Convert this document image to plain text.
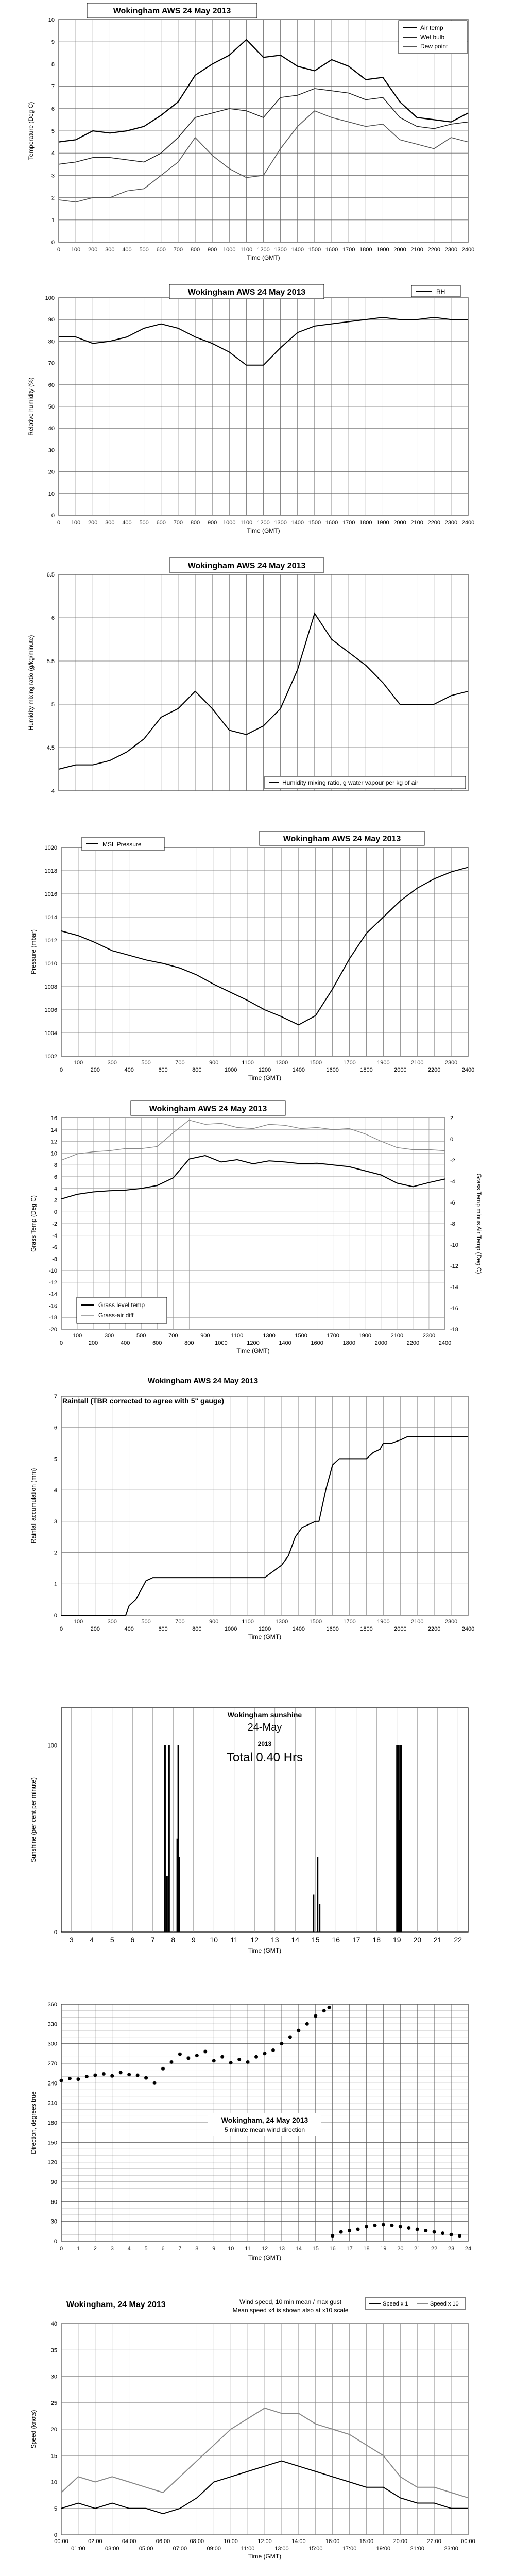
0
1
2
3
4
5
6
7
8
9
10
Temperature (Deg C)
0 100 200 300 400 500 600 700 800 900 1000 1100 1200 1300 1400 1500 1600 1700 1800 1900 2000 2100 2200 2300 2400
Time (GMT)
Wokingham AWS 24 May 2013
Air temp
Wet bulb
Dew point
0
10
20
30
40
50
60
70
80
90
100
Relative humidity (%)
0 100 200 300 400 500 600 700 800 900 1000 1100 1200 1300 1400 1500 1600 1700 1800 1900 2000 2100 2200 2300 2400
Time (GMT)
Wokingham AWS 24 May 2013	RH
4
4.5
5
5.5
6
6.5
Humidity mixing ratio (g/kg/minute)
Wokingham AWS 24 May 2013
Humidity mixing ratio, g water vapour per kg of air
1002
1004
1006
1008
1010
1012
1014
1016
1018
1020
Pressure (mbar)
100	300	500	700	900	1100	1300	1500	1700	1900	2100	2300
0	200	400	600	800	1000	1200	1400	1600	1800	2000	2200	2400
Time (GMT)
Wokingham AWS 24 May 2013
MSL Pressure
16
14
12
10
8
6
4
2
0
-2
-4
-6
-8
-10
-12
-14
-16
-18
-20
2
0
-2
-4
-6
-8
-10
-12
-14
-16
-18
100	300	500	700	900	1100	1300	1500	1700	1900	2100	2300
0	200	400	600	800	1000	1200	1400	1600	1800	2000	2200	2400
Time (GMT)
Grass Temp (Deg C)	Grass Temp minus Air Temp (Deg C)
Wokingham AWS 24 May 2013
Grass level temp
Grass-air diff
0
1
2
3
4
5
6
7
Rainfall accumulation (mm)
100	300	500	700	900	1100	1300	1500	1700	1900	2100	2300
0	200	400	600	800	1000	1200	1400	1600	1800	2000	2200	2400
Time (GMT)
Wokingham AWS 24 May 2013
Raintall (TBR corrected to agree with 5" gauge)
0
100
3 4 5 6 7 8 9 10 11 12 13 14 15 16 17 18 19 20 21 22
Time (GMT)
Sunshine (per cent per minute)
Wokingham sunshine
24-May
2013
Total 0.40 Hrs
0
30
60
90
120
150
180
210
240
270
300
330
360
Direction, degrees true
0 1 2 3 4 5 6 7 8 9 10 11 12 13 14 15 16 17 18 19 20 21 22 23 24
Time (GMT)
Wokingham, 24 May 2013
5 minute mean wind direction
0
5
10
15
20
25
30
35
40
Speed (knots)
00:00	02:00	04:00	06:00	08:00	10:00	12:00	14:00	16:00	18:00	20:00	22:00	00:00
01:00	03:00	05:00	07:00	09:00	11:00	13:00	15:00	17:00	19:00	21:00	23:00
Time (GMT)
Wokingham, 24 May 2013	Wind speed, 10 min mean / max gust
Mean speed x4 is shown also at x10 scale
Speed x 1	Speed x 10
